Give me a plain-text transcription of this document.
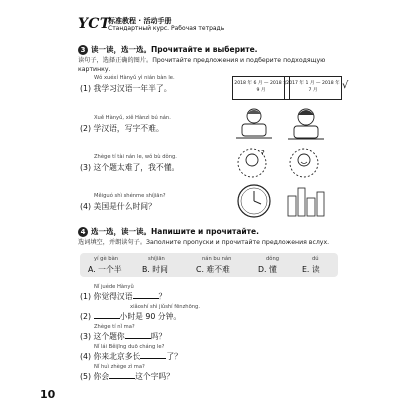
YCT
标准教程 · 活动手册
Стандартный курс. Рабочая тетрадь
3 读一读，选一选。Прочитайте и выберите.
读句子，选择正确的图片。Прочитайте предложения и подберите подходящую картинку.
Wǒ xuéxí Hànyǔ yì nián bàn le.
(1) 我学习汉语一年半了。
2018 年 6 月 — 2018 年 9 月
2017 年 1 月 — 2018 年 7 月	√
Xuě Hànyǔ, xiě Hànzì bú nán.
(2) 学汉语，写字不难。
Zhège tí tài nán le, wǒ bù dǒng.
(3) 这个题太难了，我不懂。
?
Měiguó shì shénme shíjiān?
(4) 美国是什么时间？
4 选一选，读一读。Напишите и прочитайте.
选词填空，并朗读句子。Заполните пропуски и прочитайте предложения вслух.
yí gè bàn
A. 一个半
shíjiān
B. 时间
nán bu nán
C. 难不难
dǒng
D. 懂
dú
E. 读
Nǐ juéde Hànyǔ
(1) 你觉得汉语	？
xiǎoshí shì jiǔshí fēnzhōng.
(2)	小时是 90 分钟。
Zhège tí nǐ ma?
(3) 这个题你	吗？
Nǐ lái Běijīng duō cháng le?
(4) 你来北京多长	了？
Nǐ huì zhège zì ma?
(5) 你会	这个字吗？
10
